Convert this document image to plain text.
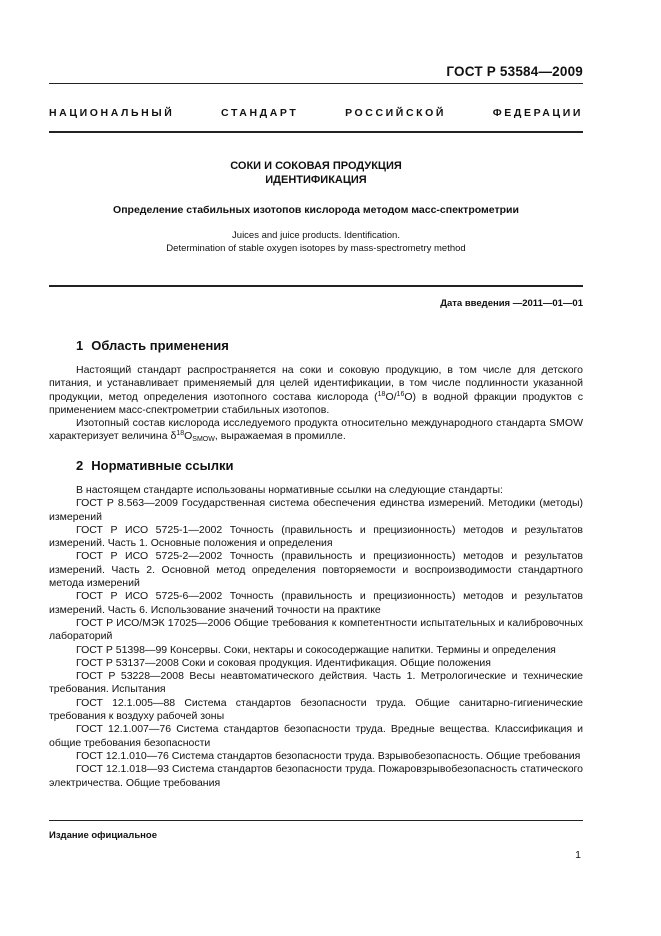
ГОСТ Р 53584—2009
НАЦИОНАЛЬНЫЙ СТАНДАРТ РОССИЙСКОЙ ФЕДЕРАЦИИ
СОКИ И СОКОВАЯ ПРОДУКЦИЯ
ИДЕНТИФИКАЦИЯ
Определение стабильных изотопов кислорода методом масс-спектрометрии
Juices and juice products. Identification.
Determination of stable oxygen isotopes by mass-spectrometry method
Дата введения —2011—01—01
1 Область применения

Настоящий стандарт распространяется на соки и соковую продукцию, в том числе для детского питания, и устанавливает применяемый для целей идентификации, в том числе подлинности указанной продукции, метод определения изотопного состава кислорода ($^{18}$O/$^{16}$O) в водной фракции продуктов с применением масс-спектрометрии стабильных изотопов.

Изотопный состав кислорода исследуемого продукта относительно международного стандарта SMOW характеризует величина $\delta^{18}O_{SMOW}$, выражаемая в промилле.

2 Нормативные ссылки

В настоящем стандарте использованы нормативные ссылки на следующие стандарты:

ГОСТ Р 8.563—2009 Государственная система обеспечения единства измерений. Методики (методы) измерений

ГОСТ Р ИСО 5725-1—2002 Точность (правильность и прецизионность) методов и результатов измерений. Часть 1. Основные положения и определения

ГОСТ Р ИСО 5725-2—2002 Точность (правильность и прецизионность) методов и результатов измерений. Часть 2. Основной метод определения повторяемости и воспроизводимости стандартного метода измерений

ГОСТ Р ИСО 5725-6—2002 Точность (правильность и прецизионность) методов и результатов измерений. Часть 6. Использование значений точности на практике

ГОСТ Р ИСО/МЭК 17025—2006 Общие требования к компетентности испытательных и калибровочных лабораторий

ГОСТ Р 51398—99 Консервы. Соки, нектары и сокосодержащие напитки. Термины и определения

ГОСТ Р 53137—2008 Соки и соковая продукция. Идентификация. Общие положения

ГОСТ Р 53228—2008 Весы неавтоматического действия. Часть 1. Метрологические и технические требования. Испытания

ГОСТ 12.1.005—88 Система стандартов безопасности труда. Общие санитарно-гигиенические требования к воздуху рабочей зоны

ГОСТ 12.1.007—76 Система стандартов безопасности труда. Вредные вещества. Классификация и общие требования безопасности

ГОСТ 12.1.010—76 Система стандартов безопасности труда. Взрывобезопасность. Общие требования

ГОСТ 12.1.018—93 Система стандартов безопасности труда. Пожаровзрывобезопасность статического электричества. Общие требования

Издание официальное
1
